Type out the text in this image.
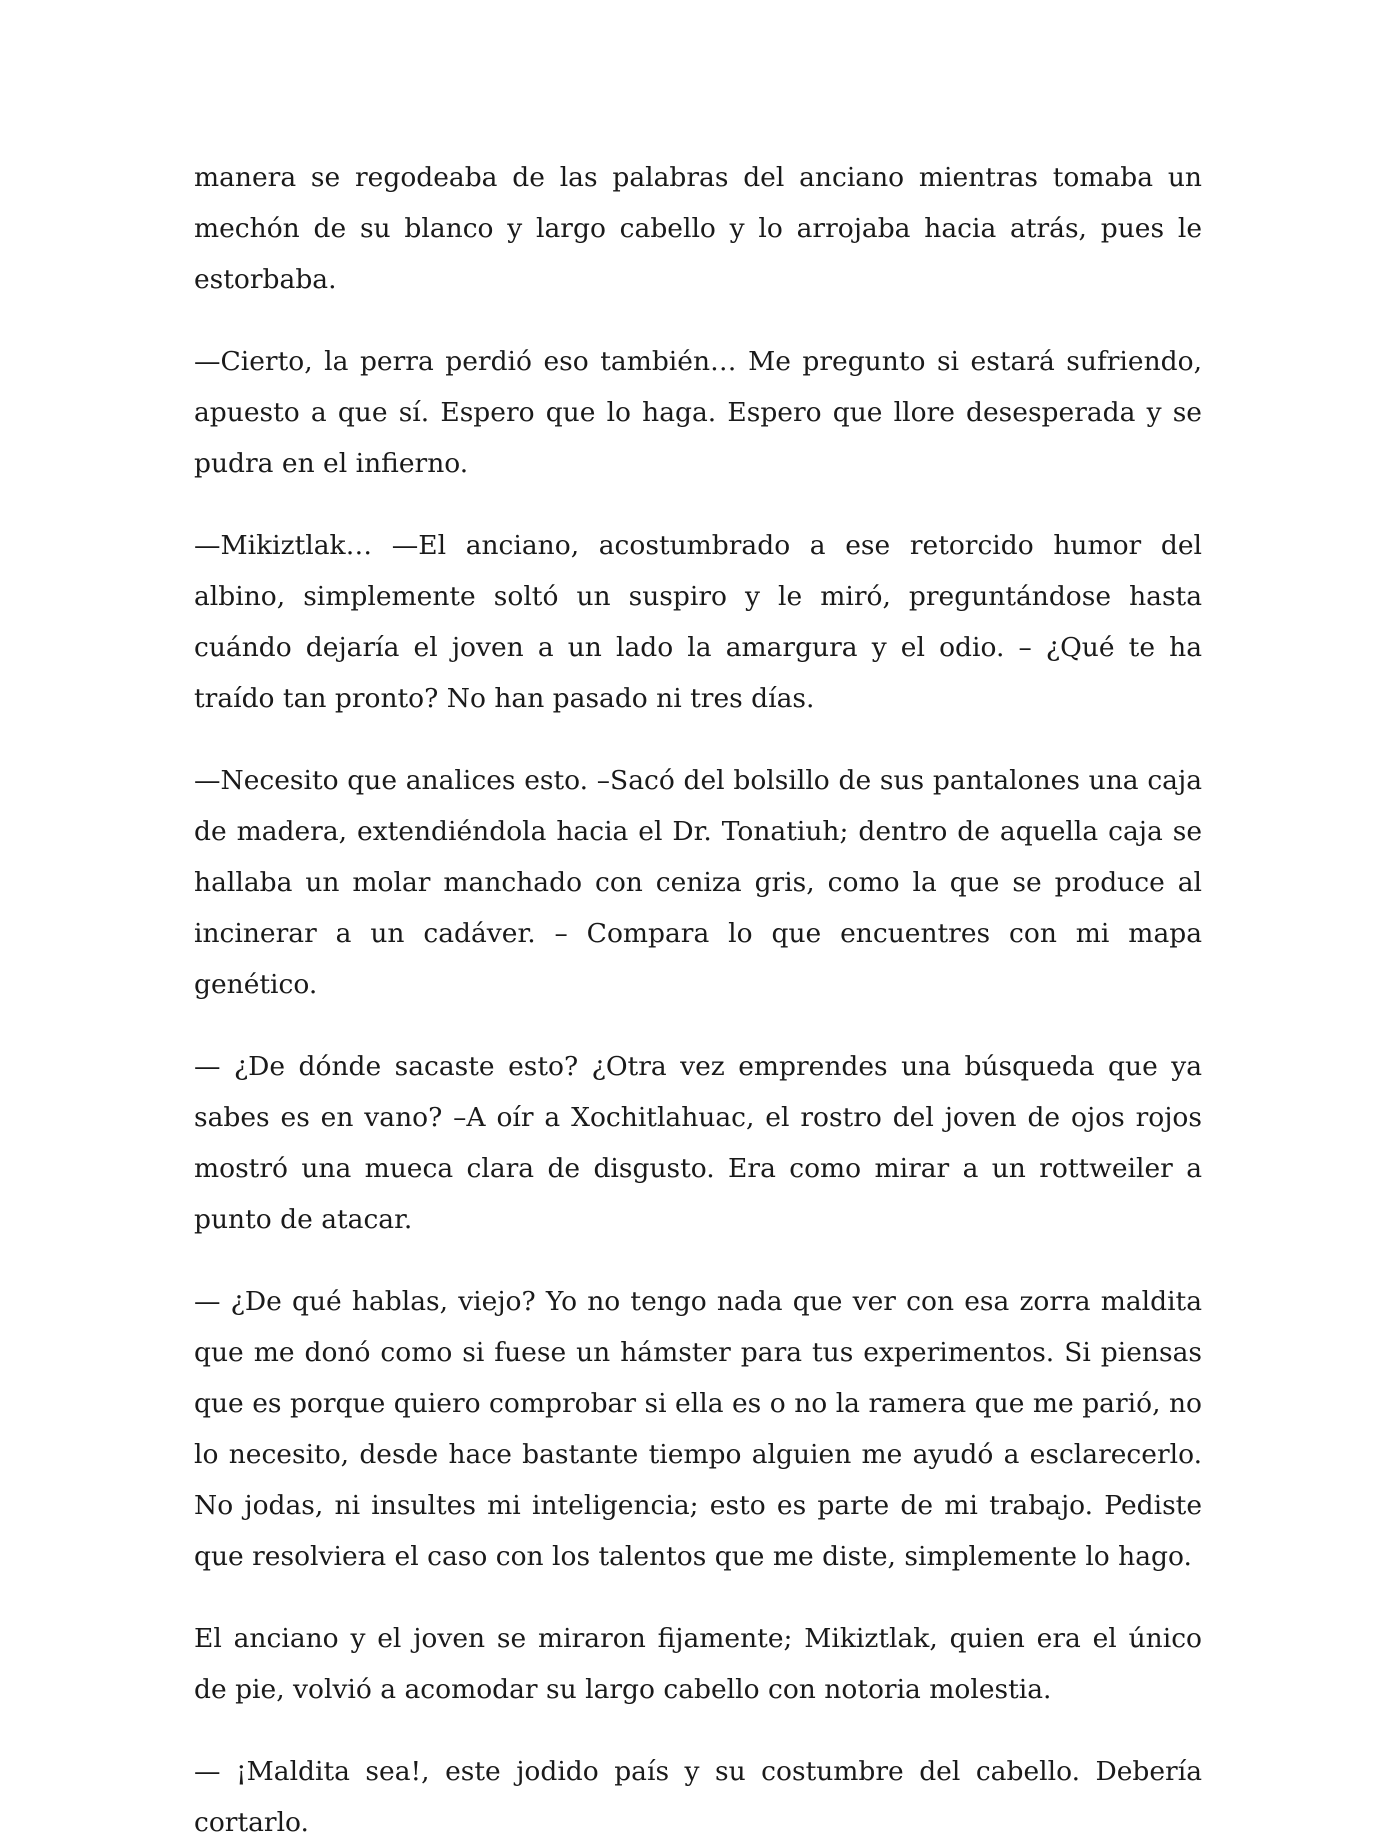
manera se regodeaba de las palabras del anciano mientras tomaba un mechón de su blanco y largo cabello y lo arrojaba hacia atrás, pues le estorbaba.

—Cierto, la perra perdió eso también… Me pregunto si estará sufriendo, apuesto a que sí. Espero que lo haga. Espero que llore desesperada y se pudra en el infierno.

—Mikiztlak… —El anciano, acostumbrado a ese retorcido humor del albino, simplemente soltó un suspiro y le miró, preguntándose hasta cuándo dejaría el joven a un lado la amargura y el odio. – ¿Qué te ha traído tan pronto? No han pasado ni tres días.

—Necesito que analices esto. –Sacó del bolsillo de sus pantalones una caja de madera, extendiéndola hacia el Dr. Tonatiuh; dentro de aquella caja se hallaba un molar manchado con ceniza gris, como la que se produce al incinerar a un cadáver. – Compara lo que encuentres con mi mapa genético.

— ¿De dónde sacaste esto? ¿Otra vez emprendes una búsqueda que ya sabes es en vano? –A oír a Xochitlahuac, el rostro del joven de ojos rojos mostró una mueca clara de disgusto. Era como mirar a un rottweiler a punto de atacar.

— ¿De qué hablas, viejo? Yo no tengo nada que ver con esa zorra maldita que me donó como si fuese un hámster para tus experimentos. Si piensas que es porque quiero comprobar si ella es o no la ramera que me parió, no lo necesito, desde hace bastante tiempo alguien me ayudó a esclarecerlo. No jodas, ni insultes mi inteligencia; esto es parte de mi trabajo. Pediste que resolviera el caso con los talentos que me diste, simplemente lo hago.

El anciano y el joven se miraron fijamente; Mikiztlak, quien era el único de pie, volvió a acomodar su largo cabello con notoria molestia.

— ¡Maldita sea!, este jodido país y su costumbre del cabello. Debería cortarlo.
